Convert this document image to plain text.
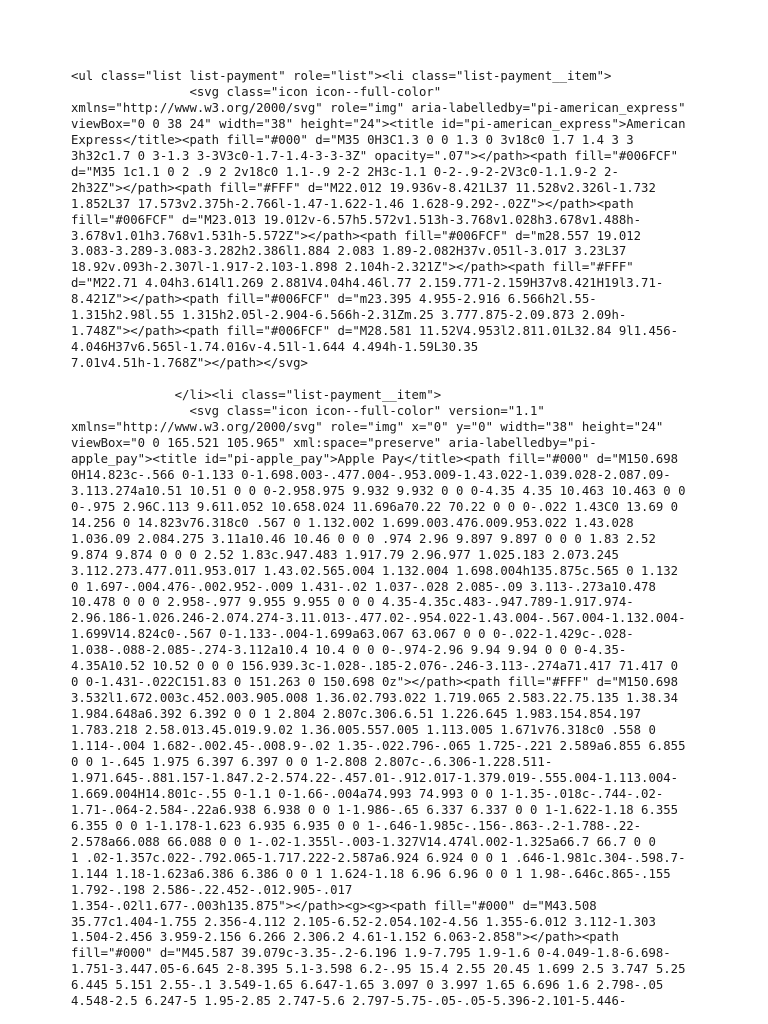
<ul class="list list-payment" role="list"><li class="list-payment__item">
<svg class="icon icon--full-color"
xmlns="http://www.w3.org/2000/svg" role="img" aria-labelledby="pi-american_express"
viewBox="0 0 38 24" width="38" height="24"><title id="pi-american_express">American
Express</title><path fill="#000" d="M35 0H3C1.3 0 0 1.3 0 3v18c0 1.7 1.4 3 3
3h32c1.7 0 3-1.3 3-3V3c0-1.7-1.4-3-3-3Z" opacity=".07"></path><path fill="#006FCF"
d="M35 1c1.1 0 2 .9 2 2v18c0 1.1-.9 2-2 2H3c-1.1 0-2-.9-2-2V3c0-1.1.9-2 2-
2h32Z"></path><path fill="#FFF" d="M22.012 19.936v-8.421L37 11.528v2.326l-1.732
1.852L37 17.573v2.375h-2.766l-1.47-1.622-1.46 1.628-9.292-.02Z"></path><path
fill="#006FCF" d="M23.013 19.012v-6.57h5.572v1.513h-3.768v1.028h3.678v1.488h-
3.678v1.01h3.768v1.531h-5.572Z"></path><path fill="#006FCF" d="m28.557 19.012
3.083-3.289-3.083-3.282h2.386l1.884 2.083 1.89-2.082H37v.051l-3.017 3.23L37
18.92v.093h-2.307l-1.917-2.103-1.898 2.104h-2.321Z"></path><path fill="#FFF"
d="M22.71 4.04h3.614l1.269 2.881V4.04h4.46l.77 2.159.771-2.159H37v8.421H19l3.71-
8.421Z"></path><path fill="#006FCF" d="m23.395 4.955-2.916 6.566h2l.55-
1.315h2.98l.55 1.315h2.05l-2.904-6.566h-2.31Zm.25 3.777.875-2.09.873 2.09h-
1.748Z"></path><path fill="#006FCF" d="M28.581 11.52V4.953l2.811.01L32.84 9l1.456-
4.046H37v6.565l-1.74.016v-4.51l-1.644 4.494h-1.59L30.35
7.01v4.51h-1.768Z"></path></svg>

</li><li class="list-payment__item">
<svg class="icon icon--full-color" version="1.1"
xmlns="http://www.w3.org/2000/svg" role="img" x="0" y="0" width="38" height="24"
viewBox="0 0 165.521 105.965" xml:space="preserve" aria-labelledby="pi-
apple_pay"><title id="pi-apple_pay">Apple Pay</title><path fill="#000" d="M150.698
0H14.823c-.566 0-1.133 0-1.698.003-.477.004-.953.009-1.43.022-1.039.028-2.087.09-
3.113.274a10.51 10.51 0 0 0-2.958.975 9.932 9.932 0 0 0-4.35 4.35 10.463 10.463 0 0
0-.975 2.96C.113 9.611.052 10.658.024 11.696a70.22 70.22 0 0 0-.022 1.43C0 13.69 0
14.256 0 14.823v76.318c0 .567 0 1.132.002 1.699.003.476.009.953.022 1.43.028
1.036.09 2.084.275 3.11a10.46 10.46 0 0 0 .974 2.96 9.897 9.897 0 0 0 1.83 2.52
9.874 9.874 0 0 0 2.52 1.83c.947.483 1.917.79 2.96.977 1.025.183 2.073.245
3.112.273.477.011.953.017 1.43.02.565.004 1.132.004 1.698.004h135.875c.565 0 1.132
0 1.697-.004.476-.002.952-.009 1.431-.02 1.037-.028 2.085-.09 3.113-.273a10.478
10.478 0 0 0 2.958-.977 9.955 9.955 0 0 0 4.35-4.35c.483-.947.789-1.917.974-
2.96.186-1.026.246-2.074.274-3.11.013-.477.02-.954.022-1.43.004-.567.004-1.132.004-
1.699V14.824c0-.567 0-1.133-.004-1.699a63.067 63.067 0 0 0-.022-1.429c-.028-
1.038-.088-2.085-.274-3.112a10.4 10.4 0 0 0-.974-2.96 9.94 9.94 0 0 0-4.35-
4.35A10.52 10.52 0 0 0 156.939.3c-1.028-.185-2.076-.246-3.113-.274a71.417 71.417 0
0 0-1.431-.022C151.83 0 151.263 0 150.698 0z"></path><path fill="#FFF" d="M150.698
3.532l1.672.003c.452.003.905.008 1.36.02.793.022 1.719.065 2.583.22.75.135 1.38.34
1.984.648a6.392 6.392 0 0 1 2.804 2.807c.306.6.51 1.226.645 1.983.154.854.197
1.783.218 2.58.013.45.019.9.02 1.36.005.557.005 1.113.005 1.671v76.318c0 .558 0
1.114-.004 1.682-.002.45-.008.9-.02 1.35-.022.796-.065 1.725-.221 2.589a6.855 6.855
0 0 1-.645 1.975 6.397 6.397 0 0 1-2.808 2.807c-.6.306-1.228.511-
1.971.645-.881.157-1.847.2-2.574.22-.457.01-.912.017-1.379.019-.555.004-1.113.004-
1.669.004H14.801c-.55 0-1.1 0-1.66-.004a74.993 74.993 0 0 1-1.35-.018c-.744-.02-
1.71-.064-2.584-.22a6.938 6.938 0 0 1-1.986-.65 6.337 6.337 0 0 1-1.622-1.18 6.355
6.355 0 0 1-1.178-1.623 6.935 6.935 0 0 1-.646-1.985c-.156-.863-.2-1.788-.22-
2.578a66.088 66.088 0 0 1-.02-1.355l-.003-1.327V14.474l.002-1.325a66.7 66.7 0 0
1 .02-1.357c.022-.792.065-1.717.222-2.587a6.924 6.924 0 0 1 .646-1.981c.304-.598.7-
1.144 1.18-1.623a6.386 6.386 0 0 1 1.624-1.18 6.96 6.96 0 0 1 1.98-.646c.865-.155
1.792-.198 2.586-.22.452-.012.905-.017
1.354-.02l1.677-.003h135.875"></path><g><g><path fill="#000" d="M43.508
35.77c1.404-1.755 2.356-4.112 2.105-6.52-2.054.102-4.56 1.355-6.012 3.112-1.303
1.504-2.456 3.959-2.156 6.266 2.306.2 4.61-1.152 6.063-2.858"></path><path
fill="#000" d="M45.587 39.079c-3.35-.2-6.196 1.9-7.795 1.9-1.6 0-4.049-1.8-6.698-
1.751-3.447.05-6.645 2-8.395 5.1-3.598 6.2-.95 15.4 2.55 20.45 1.699 2.5 3.747 5.25
6.445 5.151 2.55-.1 3.549-1.65 6.647-1.65 3.097 0 3.997 1.65 6.696 1.6 2.798-.05
4.548-2.5 6.247-5 1.95-2.85 2.747-5.6 2.797-5.75-.05-.05-5.396-2.101-5.446-
